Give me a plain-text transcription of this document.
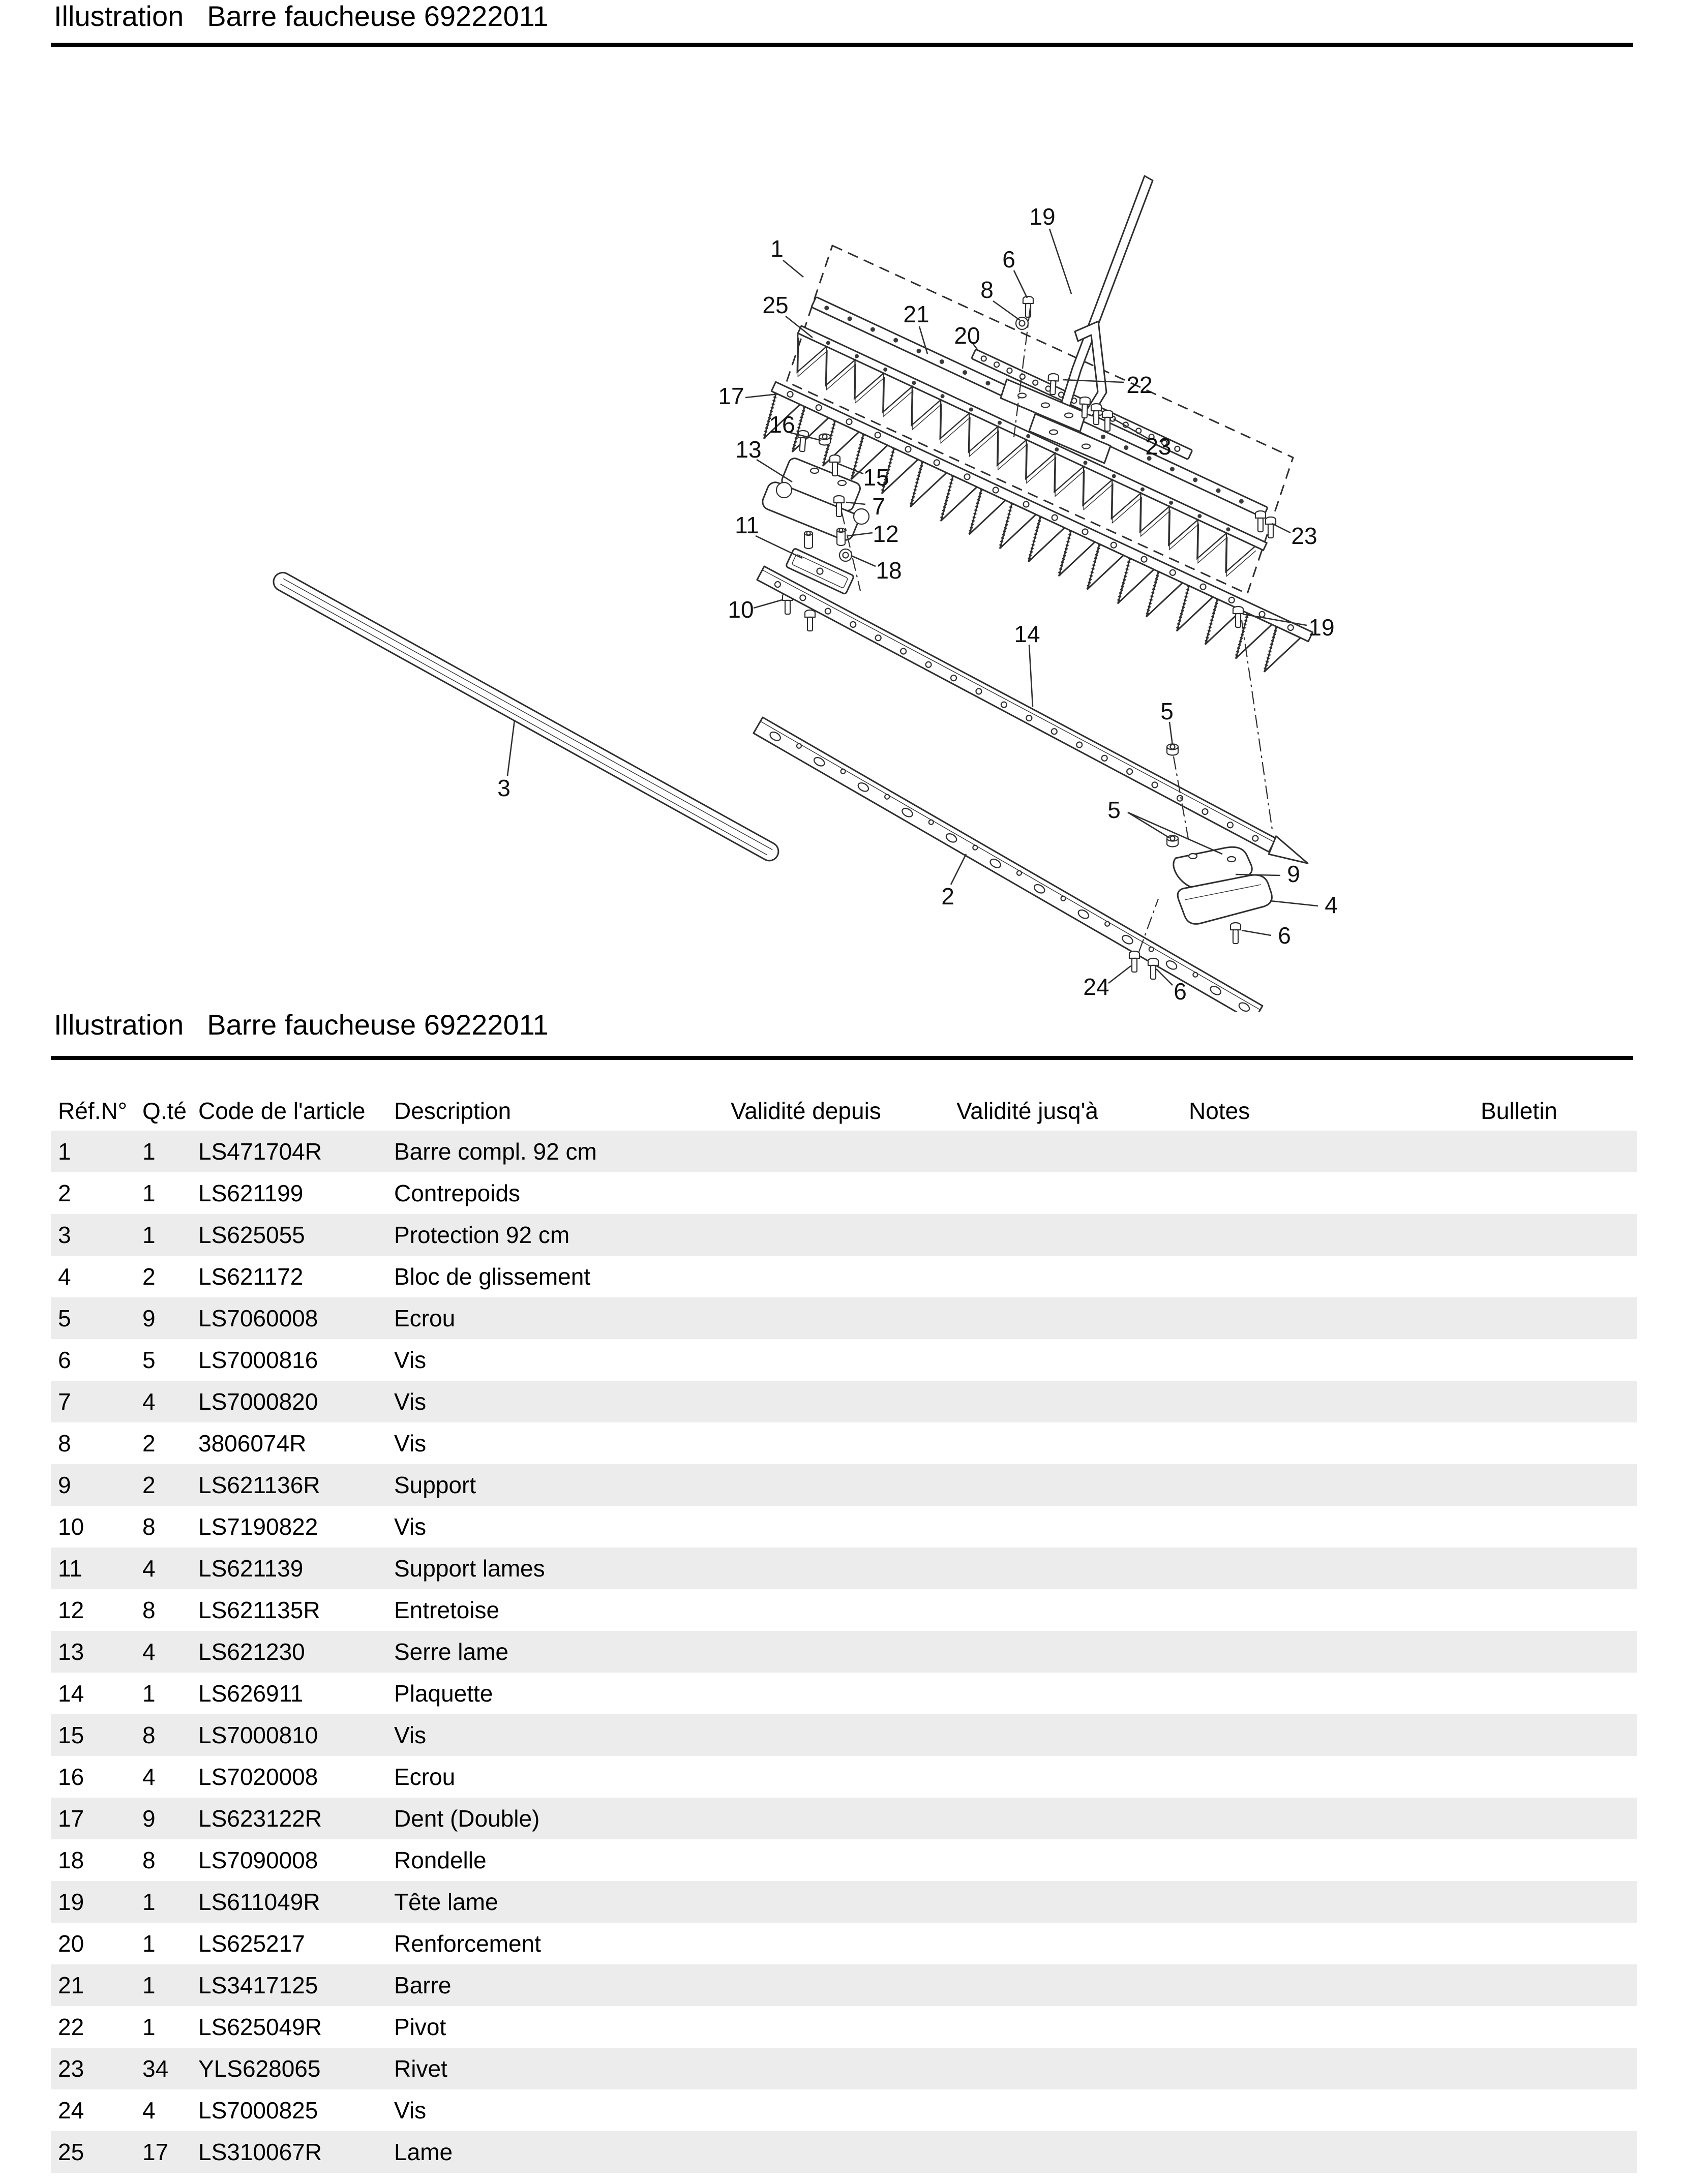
Illustration Barre faucheuse 69222011
1
25	21
19
6
8
20
22
23
17
16
13
15
7
11	12
18
10
23
19
14
5
5
9
4
6
2
3
24	6
Illustration Barre faucheuse 69222011
Réf.N°	Q.té	Code de l'article	Description	Validité depuis	Validité jusq'à	Notes	Bulletin
1	1	LS471704R	Barre compl. 92 cm				
2	1	LS621199	Contrepoids				
3	1	LS625055	Protection 92 cm				
4	2	LS621172	Bloc de glissement				
5	9	LS7060008	Ecrou				
6	5	LS7000816	Vis				
7	4	LS7000820	Vis				
8	2	3806074R	Vis				
9	2	LS621136R	Support				
10	8	LS7190822	Vis				
11	4	LS621139	Support lames				
12	8	LS621135R	Entretoise				
13	4	LS621230	Serre lame				
14	1	LS626911	Plaquette				
15	8	LS7000810	Vis				
16	4	LS7020008	Ecrou				
17	9	LS623122R	Dent (Double)				
18	8	LS7090008	Rondelle				
19	1	LS611049R	Tête lame				
20	1	LS625217	Renforcement				
21	1	LS3417125	Barre				
22	1	LS625049R	Pivot				
23	34	YLS628065	Rivet				
24	4	LS7000825	Vis				
25	17	LS310067R	Lame				
